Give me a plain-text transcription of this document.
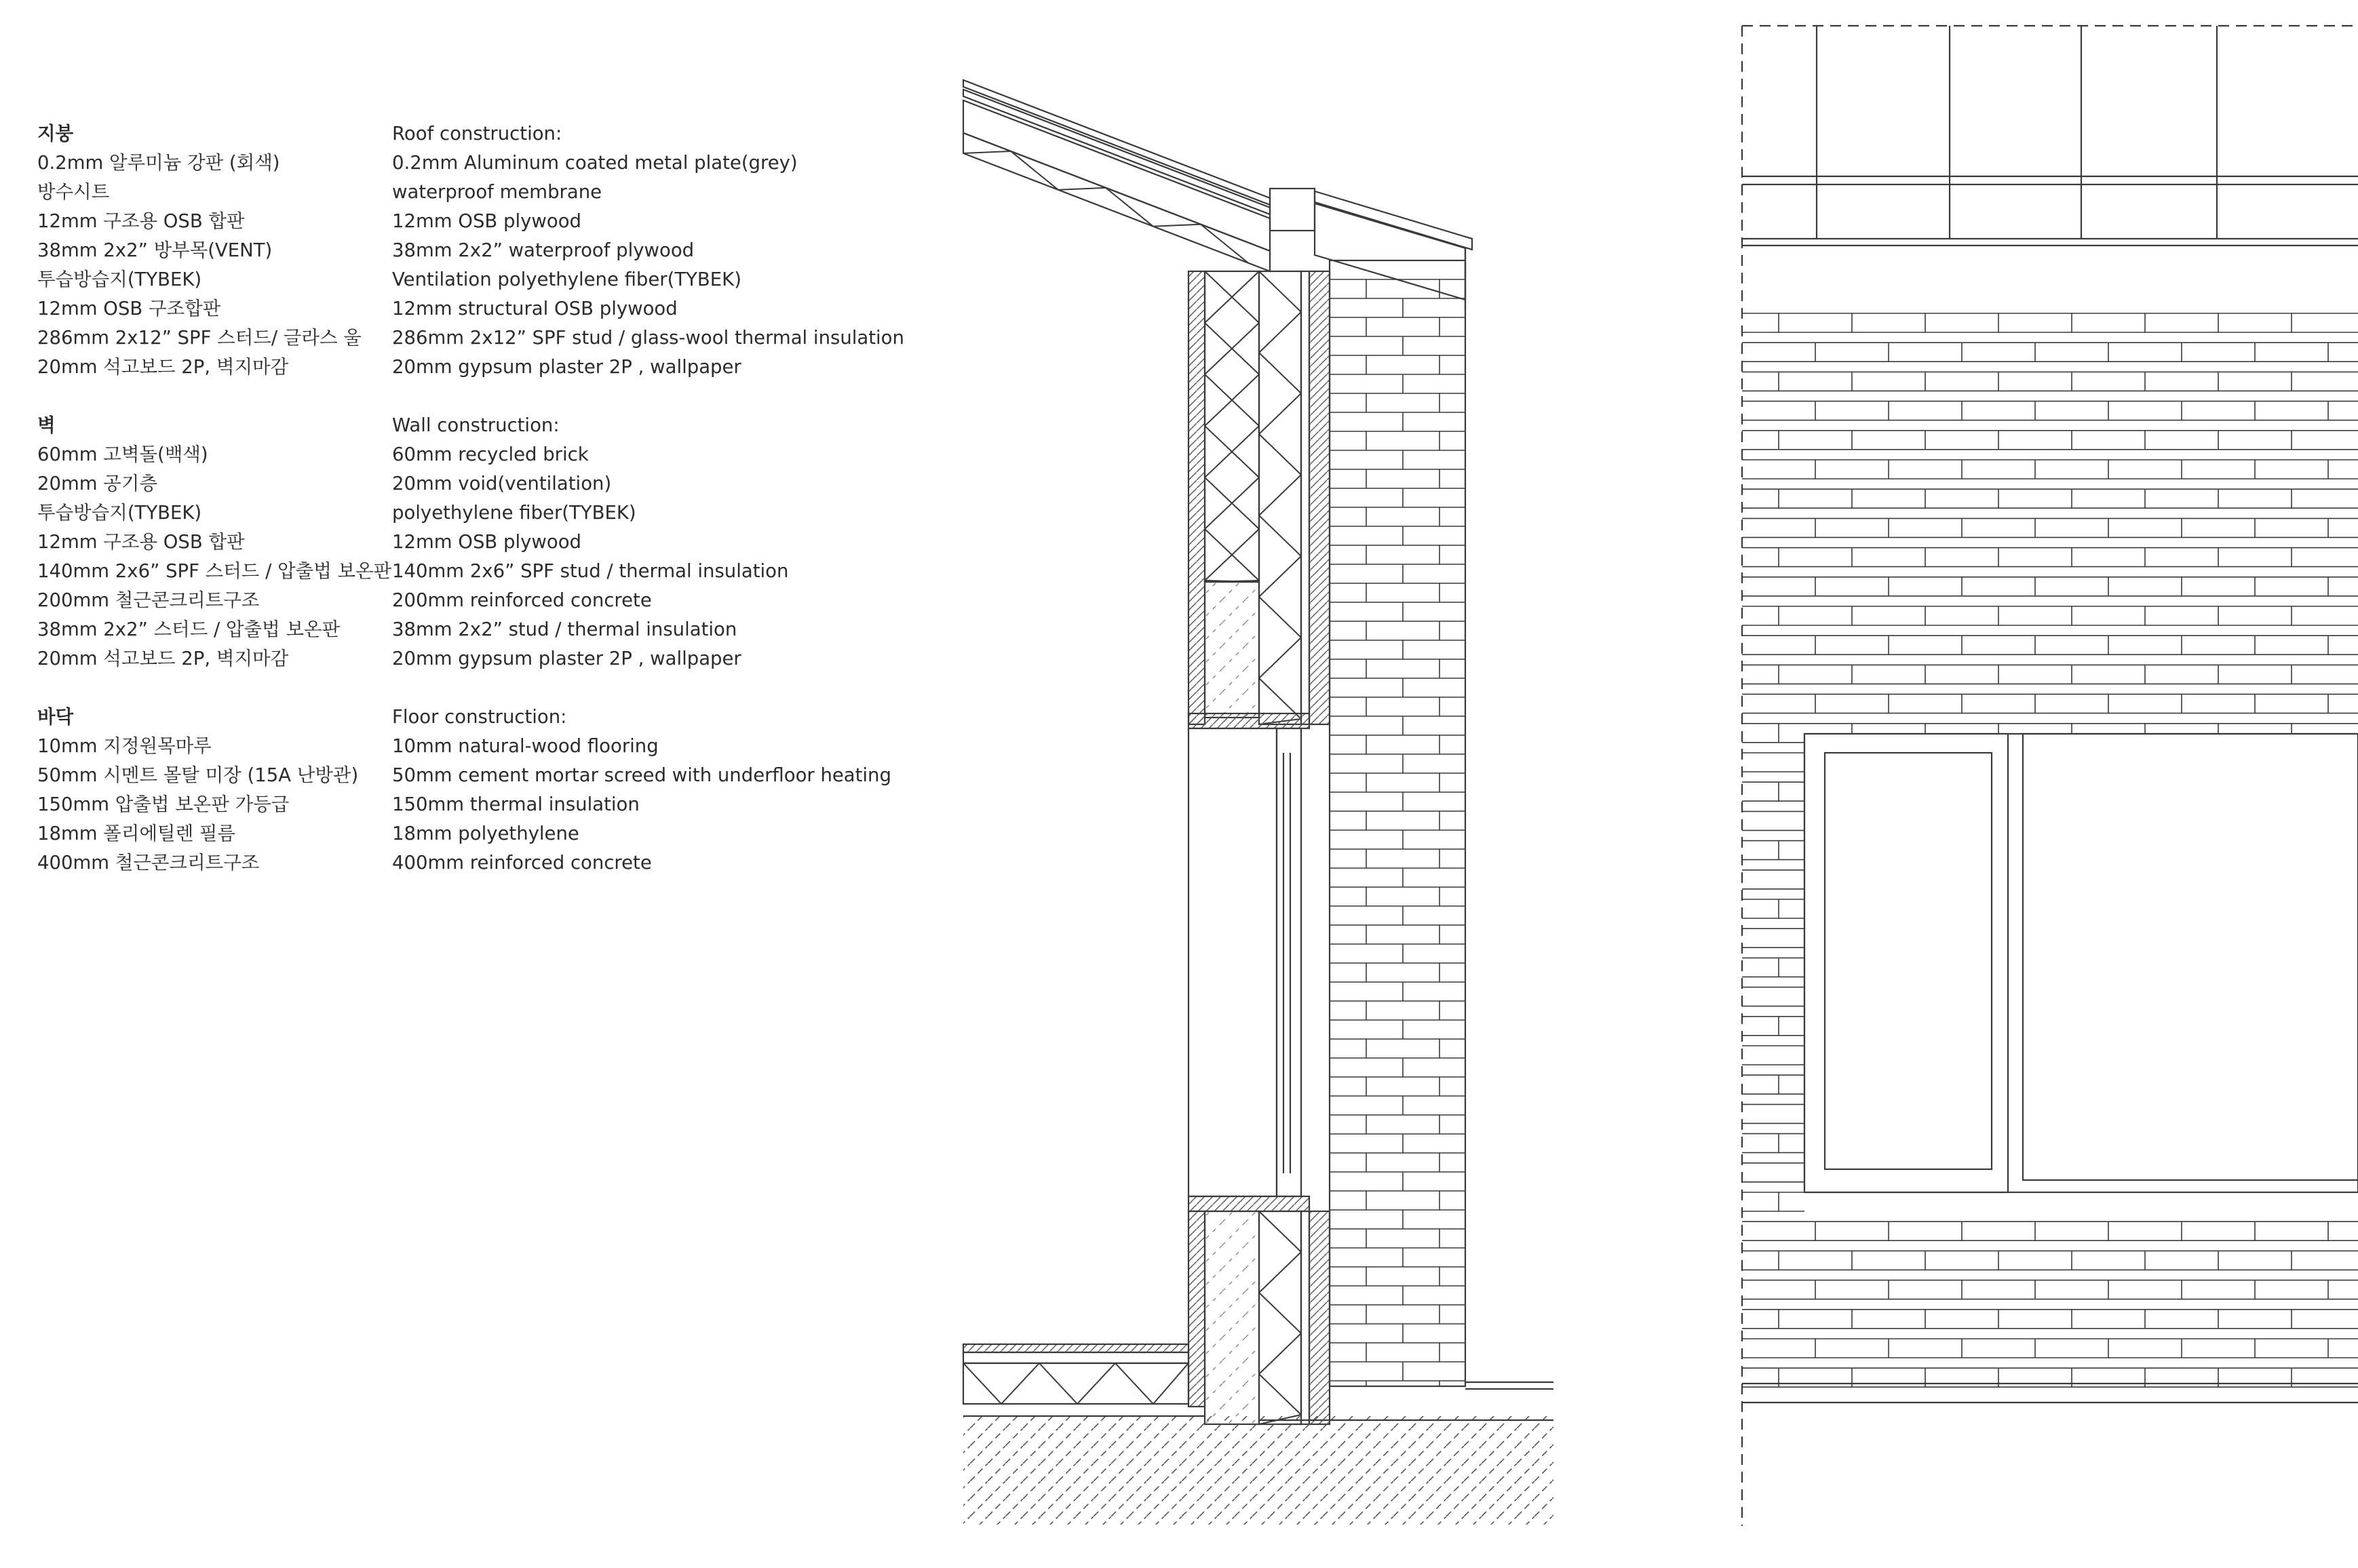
지붕
0.2mm 알루미늄 강판 (회색)
방수시트
12mm 구조용 OSB 합판
38mm 2x2” 방부목(VENT)
투습방습지(TYBEK)
12mm OSB 구조합판
286mm 2x12” SPF 스터드/ 글라스 울
20mm 석고보드 2P, 벽지마감
벽
60mm 고벽돌(백색)
20mm 공기층
투습방습지(TYBEK)
12mm 구조용 OSB 합판
140mm 2x6” SPF 스터드 / 압출법 보온판
200mm 철근콘크리트구조
38mm 2x2” 스터드 / 압출법 보온판
20mm 석고보드 2P, 벽지마감
바닥
10mm 지정원목마루
50mm 시멘트 몰탈 미장 (15A 난방관)
150mm 압출법 보온판 가등급
18mm 폴리에틸렌 필름
400mm 철근콘크리트구조
Roof construction:
0.2mm Aluminum coated metal plate(grey)
waterproof membrane
12mm OSB plywood
38mm 2x2” waterproof plywood
Ventilation polyethylene fiber(TYBEK)
12mm structural OSB plywood
286mm 2x12” SPF stud / glass-wool thermal insulation
20mm gypsum plaster 2P , wallpaper
Wall construction:
60mm recycled brick
20mm void(ventilation)
polyethylene fiber(TYBEK)
12mm OSB plywood
140mm 2x6” SPF stud / thermal insulation
200mm reinforced concrete
38mm 2x2” stud / thermal insulation
20mm gypsum plaster 2P , wallpaper
Floor construction:
10mm natural-wood flooring
50mm cement mortar screed with underfloor heating
150mm thermal insulation
18mm polyethylene
400mm reinforced concrete
